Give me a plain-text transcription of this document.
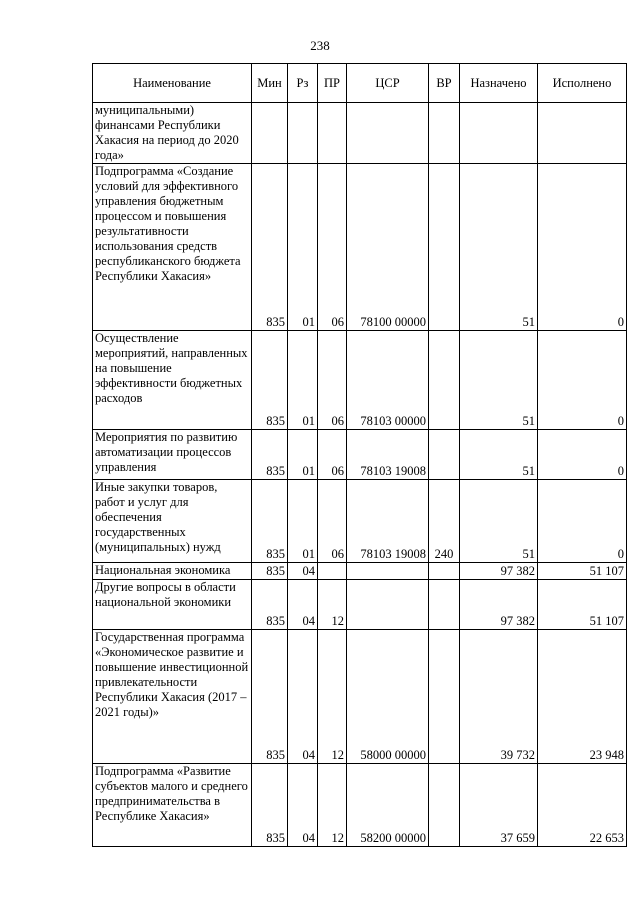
238
Наименование	Мин	Рз	ПР	ЦСР	ВР	Назначено	Исполнено
муниципальными) финансами Республики Хакасия на период до 2020 года»							
Подпрограмма «Создание условий для эффективного управления бюджетным процессом и повышения результативности использования средств республиканского бюджета Республики Хакасия»	835	01	06	78100 00000		51	0
Осуществление мероприятий, направленных на повышение эффективности бюджетных расходов	835	01	06	78103 00000		51	0
Мероприятия по развитию автоматизации процессов управления	835	01	06	78103 19008		51	0
Иные закупки товаров, работ и услуг для обеспечения государственных (муниципальных) нужд	835	01	06	78103 19008	240	51	0
Национальная экономика	835	04				97 382	51 107
Другие вопросы в области национальной экономики	835	04	12			97 382	51 107
Государственная программа «Экономическое развитие и повышение инвестиционной привлекательности Республики Хакасия (2017 – 2021 годы)»	835	04	12	58000 00000		39 732	23 948
Подпрограмма «Развитие субъектов малого и среднего предпринимательства в Республике Хакасия»	835	04	12	58200 00000		37 659	22 653
